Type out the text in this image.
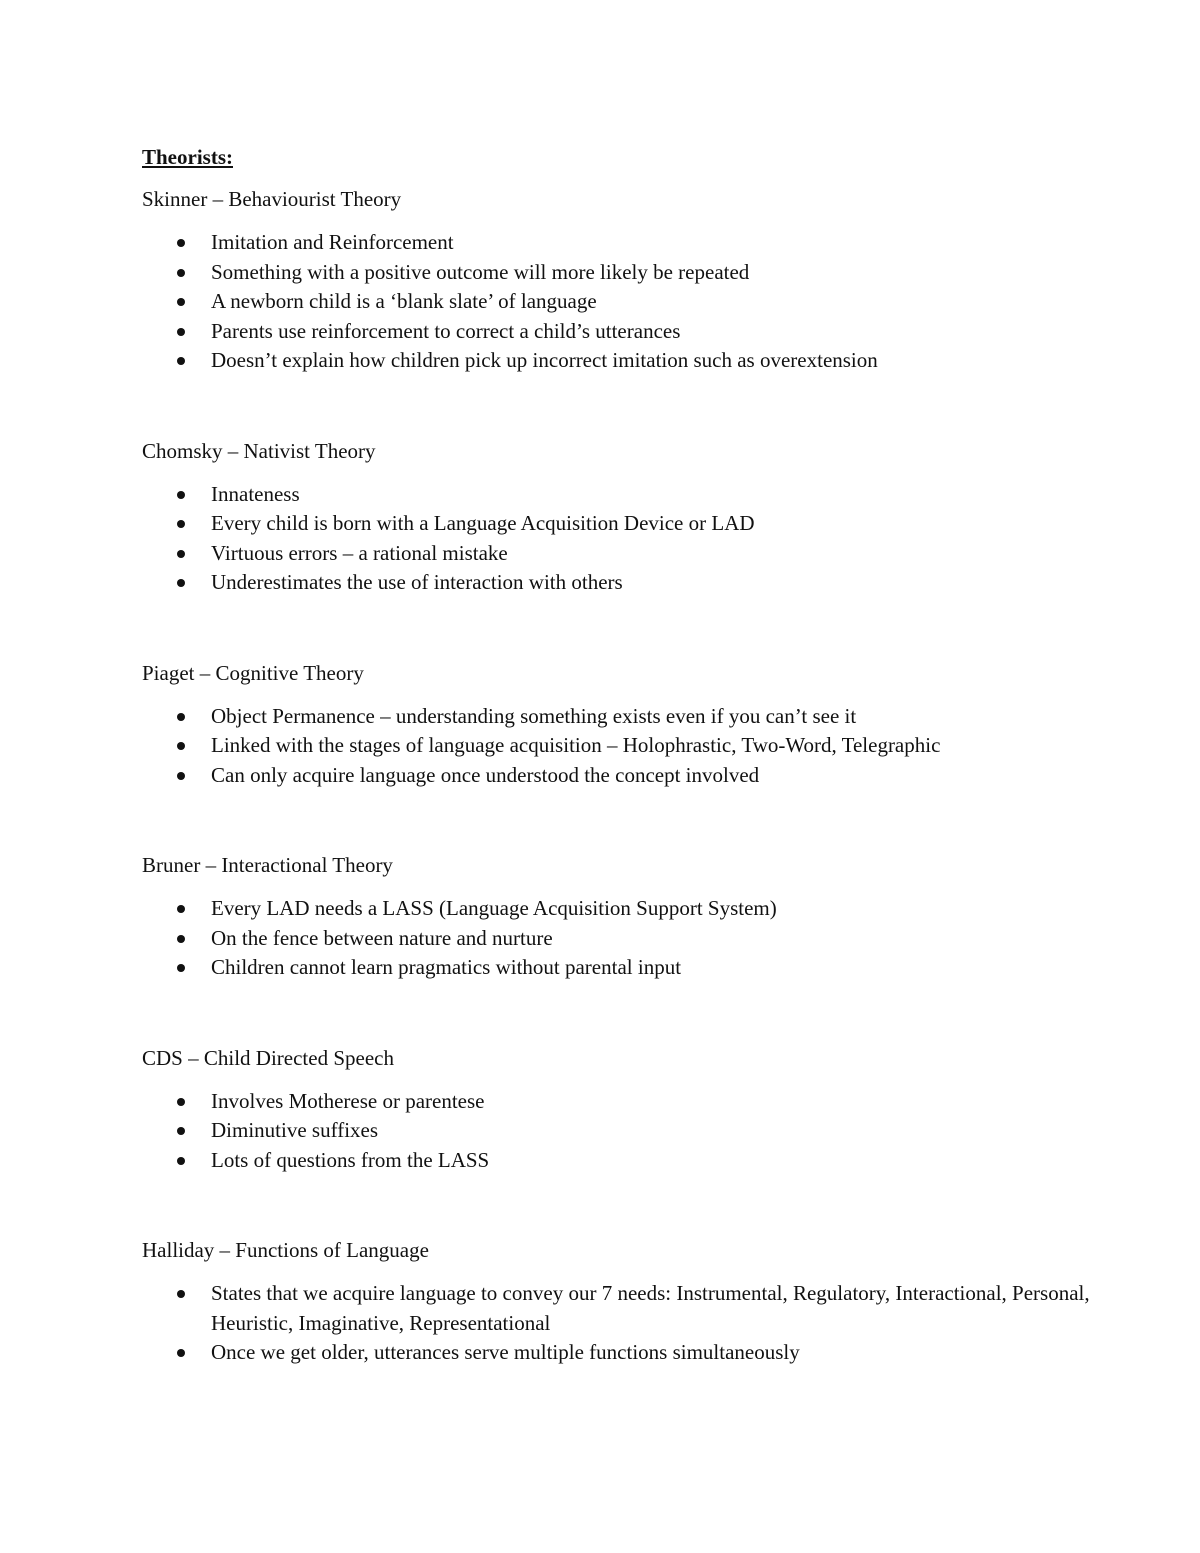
Theorists:
Skinner – Behaviourist Theory
Imitation and Reinforcement
Something with a positive outcome will more likely be repeated
A newborn child is a ‘blank slate’ of language
Parents use reinforcement to correct a child’s utterances
Doesn’t explain how children pick up incorrect imitation such as overextension
Chomsky – Nativist Theory
Innateness
Every child is born with a Language Acquisition Device or LAD
Virtuous errors – a rational mistake
Underestimates the use of interaction with others
Piaget – Cognitive Theory
Object Permanence – understanding something exists even if you can’t see it
Linked with the stages of language acquisition – Holophrastic, Two-Word, Telegraphic
Can only acquire language once understood the concept involved
Bruner – Interactional Theory
Every LAD needs a LASS (Language Acquisition Support System)
On the fence between nature and nurture
Children cannot learn pragmatics without parental input
CDS – Child Directed Speech
Involves Motherese or parentese
Diminutive suffixes
Lots of questions from the LASS
Halliday – Functions of Language
States that we acquire language to convey our 7 needs: Instrumental, Regulatory, Interactional, Personal, Heuristic, Imaginative, Representational
Once we get older, utterances serve multiple functions simultaneously
